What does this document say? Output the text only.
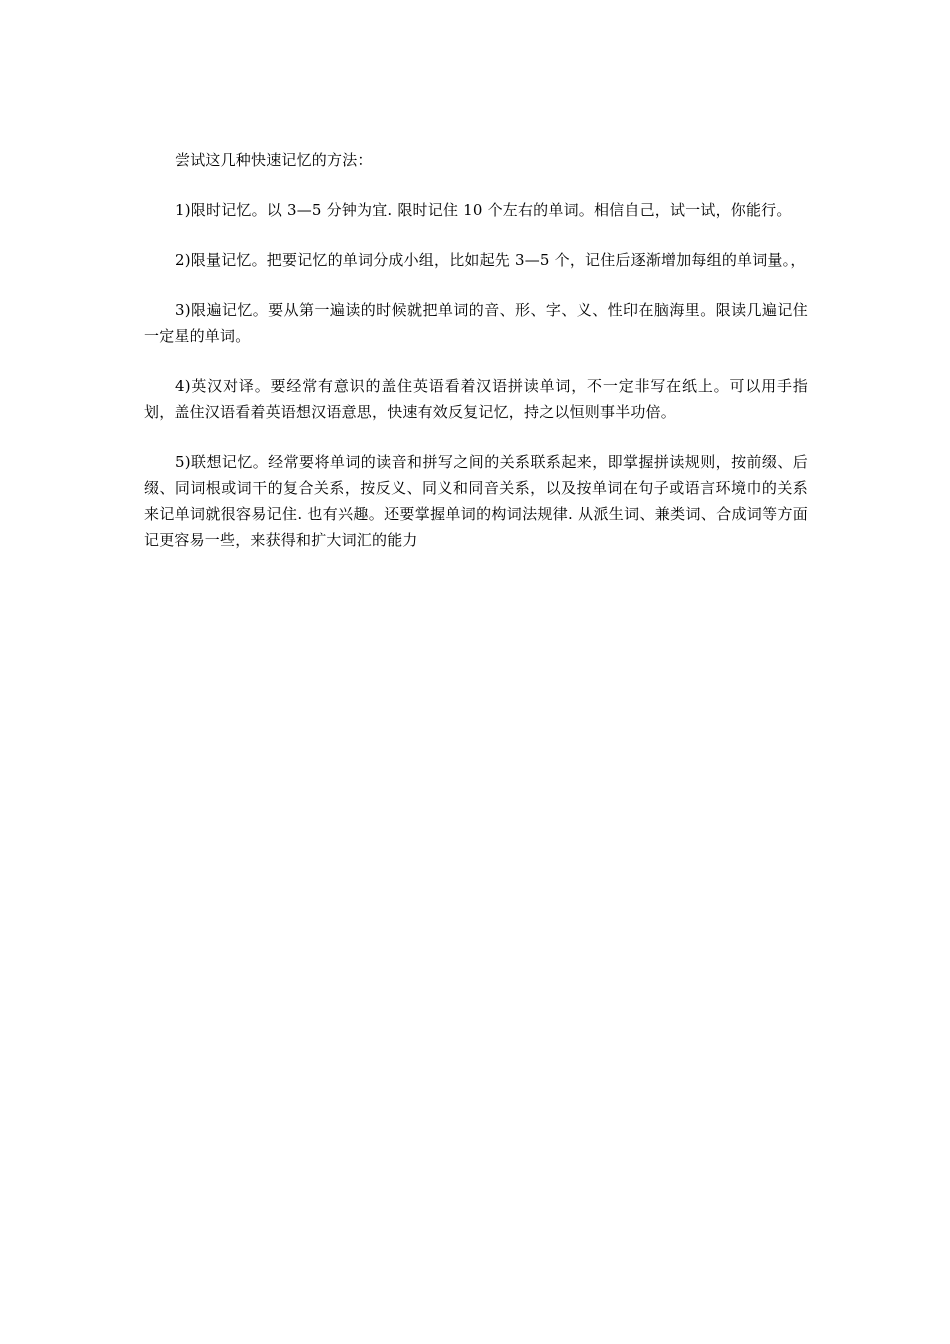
尝试这几种快速记忆的方法：

1)限时记忆。以 3—5 分钟为宜. 限时记住 10 个左右的单词。相信自己，试一试，你能行。

2)限量记忆。把要记忆的单词分成小组，比如起先 3—5 个，记住后逐渐增加每组的单词量。，

3)限遍记忆。要从第一遍读的时候就把单词的音、形、字、义、性印在脑海里。限读几遍记住一定星的单词。

4)英汉对译。要经常有意识的盖住英语看着汉语拼读单词，不一定非写在纸上。可以用手指划，盖住汉语看着英语想汉语意思，快速有效反复记忆，持之以恒则事半功倍。

5)联想记忆。经常要将单词的读音和拼写之间的关系联系起来，即掌握拼读规则，按前缀、后缀、同词根或词干的复合关系，按反义、同义和同音关系，以及按单词在句子或语言环境巾的关系来记单词就很容易记住. 也有兴趣。还要掌握单词的构词法规律. 从派生词、兼类词、合成词等方面记更容易一些，来获得和扩大词汇的能力
